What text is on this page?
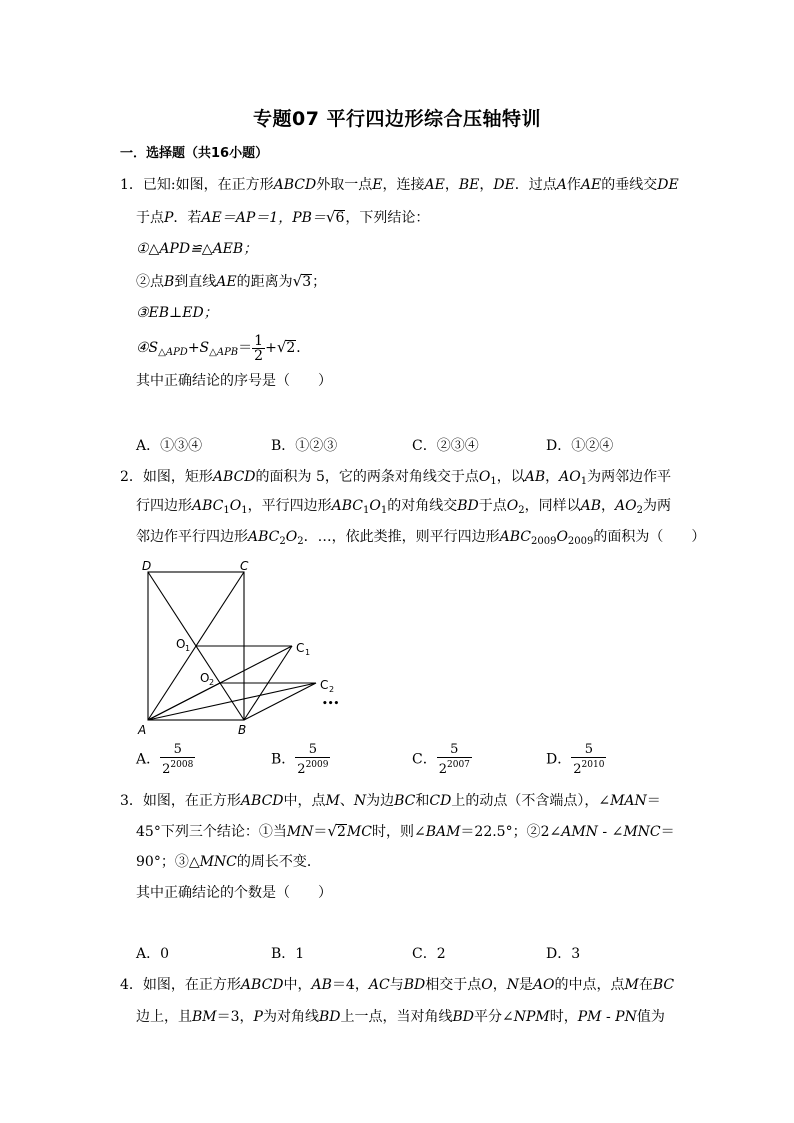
专题07 平行四边形综合压轴特训
一．选择题（共16小题）
1．已知:如图，在正方形ABCD外取一点E，连接AE，BE，DE．过点A作AE的垂线交DE
于点P．若AE＝AP＝1，PB＝√6，下列结论：
①△APD≌△AEB；
②点B到直线AE的距离为√3；
③EB⊥ED；
$④S_{\triangle APD}+S_{\triangle APB}= \frac{1}{2} +√2$．
其中正确结论的序号是（　　）
A．①③④	B．①②③	C．②③④	D．①②④
2．如图，矩形ABCD的面积为 5，它的两条对角线交于点$O_1$，以AB，$AO_1$为两邻边作平
行四边形$ABC_1O_1$，平行四边形$ABC_1O_1$的对角线交BD于点$O_2$，同样以AB，$AO_2$为两
邻边作平行四边形$ABC_2O_2$．…，依此类推，则平行四边形$ABC_{2009}O_{2009}$的面积为（　　）
D	C
A	B
O 1
O 2
C 1
C 2
•••
A． $\frac{5}{2^{2008}}$	B． $\frac{5}{2^{2009}}$	C． $\frac{5}{2^{2007}}$	D． $\frac{5}{2^{2010}}$
3．如图，在正方形ABCD中，点M、N为边BC和CD上的动点（不含端点），∠MAN＝
45°下列三个结论：①当MN＝√2MC时，则∠BAM＝22.5°；②2∠AMN - ∠MNC＝
90°；③△MNC的周长不变．
其中正确结论的个数是（　　）
A．0	B．1	C．2	D．3
4．如图，在正方形ABCD中，AB＝4，AC与BD相交于点O，N是AO的中点，点M在BC
边上，且BM＝3，P为对角线BD上一点，当对角线BD平分∠NPM时，PM - PN值为
